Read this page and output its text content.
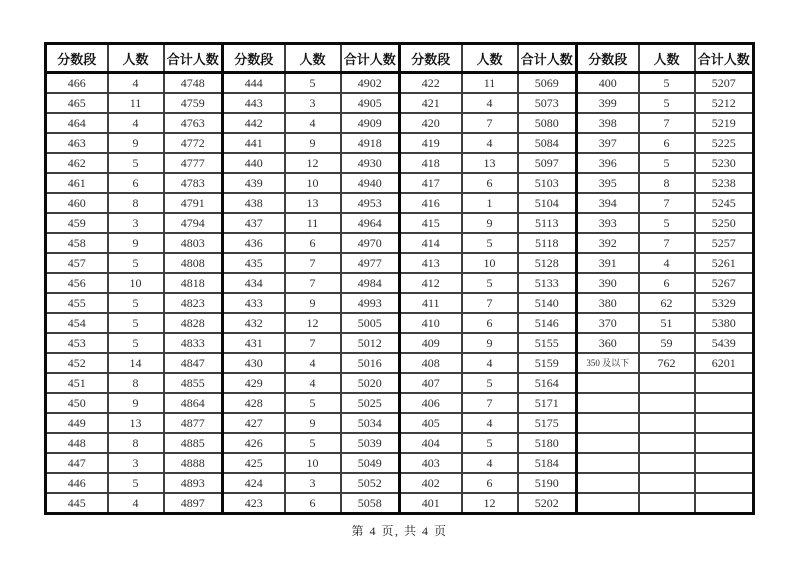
分数段	人数	合计人数	分数段	人数	合计人数	分数段	人数	合计人数	分数段	人数	合计人数
466	4	4748	444	5	4902	422	11	5069	400	5	5207
465	11	4759	443	3	4905	421	4	5073	399	5	5212
464	4	4763	442	4	4909	420	7	5080	398	7	5219
463	9	4772	441	9	4918	419	4	5084	397	6	5225
462	5	4777	440	12	4930	418	13	5097	396	5	5230
461	6	4783	439	10	4940	417	6	5103	395	8	5238
460	8	4791	438	13	4953	416	1	5104	394	7	5245
459	3	4794	437	11	4964	415	9	5113	393	5	5250
458	9	4803	436	6	4970	414	5	5118	392	7	5257
457	5	4808	435	7	4977	413	10	5128	391	4	5261
456	10	4818	434	7	4984	412	5	5133	390	6	5267
455	5	4823	433	9	4993	411	7	5140	380	62	5329
454	5	4828	432	12	5005	410	6	5146	370	51	5380
453	5	4833	431	7	5012	409	9	5155	360	59	5439
452	14	4847	430	4	5016	408	4	5159	350 及以下	762	6201
451	8	4855	429	4	5020	407	5	5164			
450	9	4864	428	5	5025	406	7	5171			
449	13	4877	427	9	5034	405	4	5175			
448	8	4885	426	5	5039	404	5	5180			
447	3	4888	425	10	5049	403	4	5184			
446	5	4893	424	3	5052	402	6	5190			
445	4	4897	423	6	5058	401	12	5202			
第 4 页, 共 4 页
